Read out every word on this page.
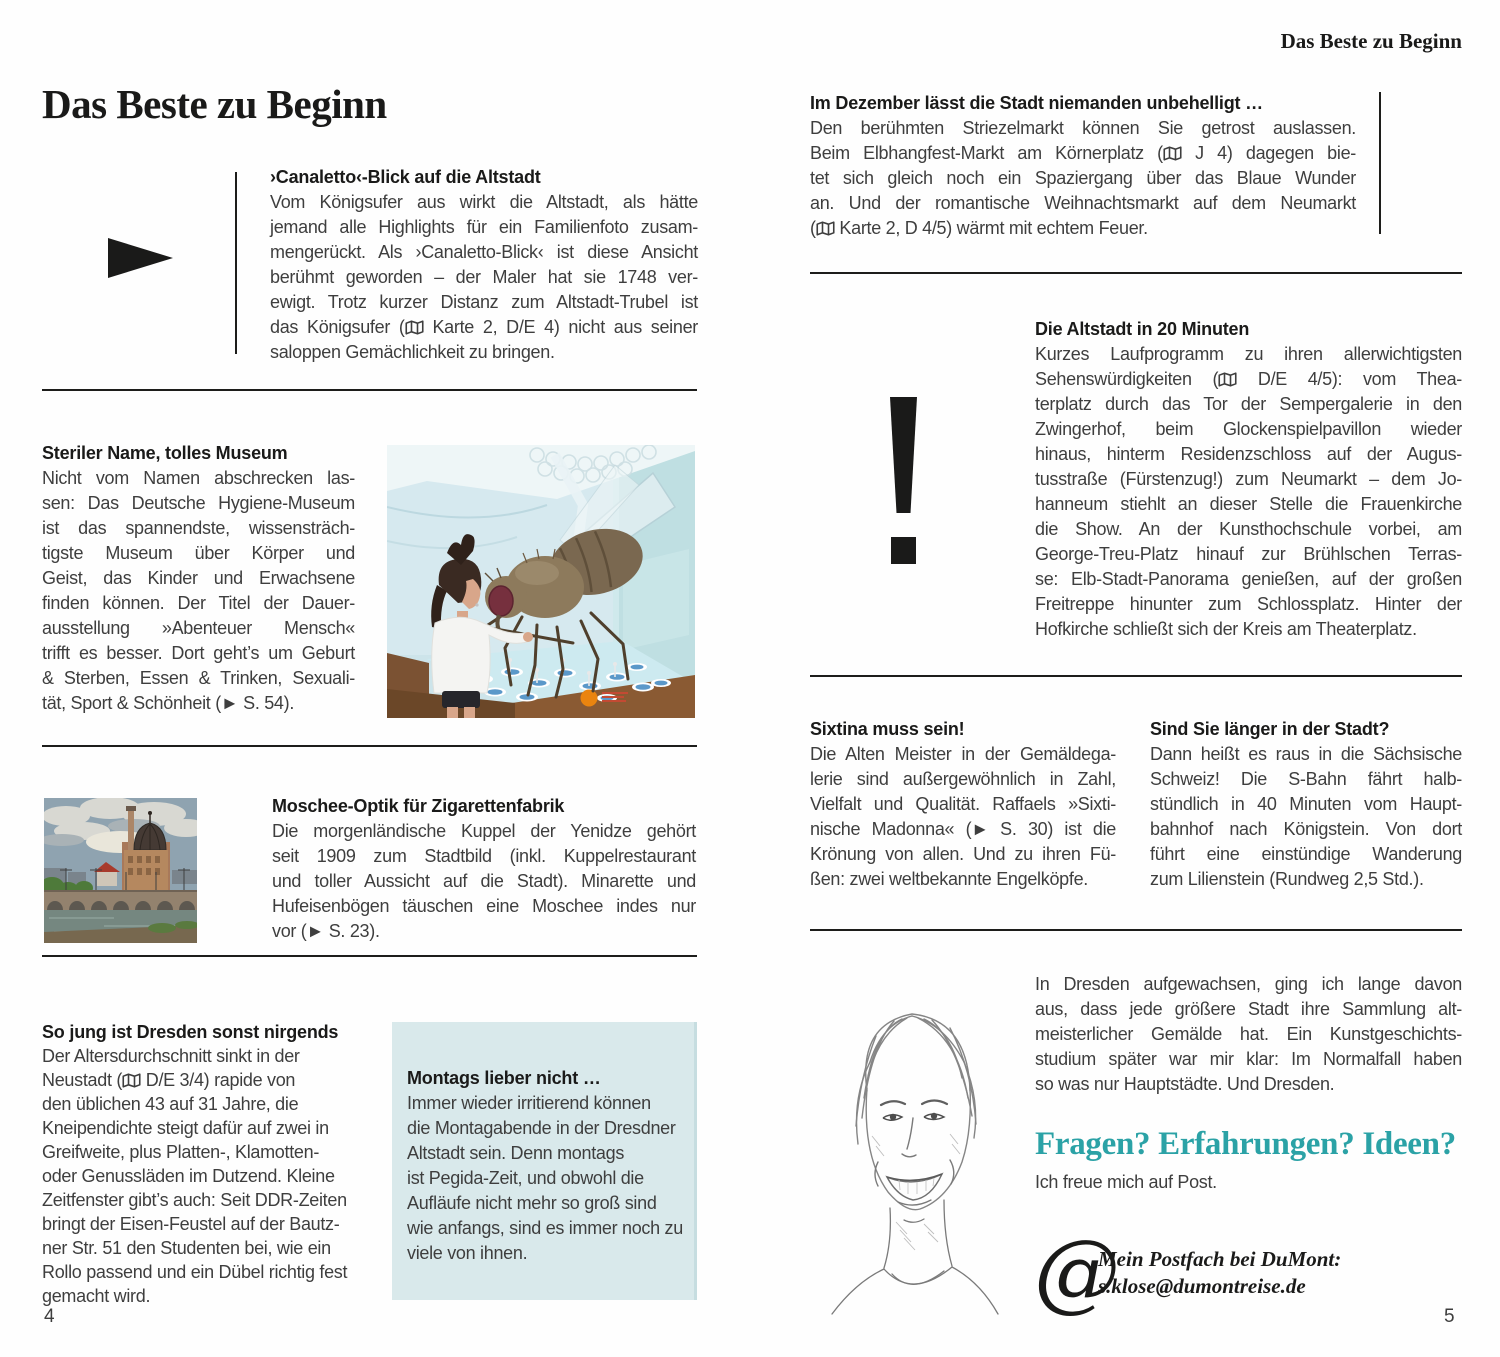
Das Beste zu Beginn
›Canaletto‹-Blick auf die Altstadt
Vom Königsufer aus wirkt die Altstadt, als hätte
jemand alle Highlights für ein Familienfoto zusam-
mengerückt. Als ›Canaletto-Blick‹ ist diese Ansicht
berühmt geworden – der Maler hat sie 1748 ver-
ewigt. Trotz kurzer Distanz zum Altstadt-Trubel ist
das Königsufer ( Karte 2, D/E 4) nicht aus seiner
saloppen Gemächlichkeit zu bringen.
Steriler Name, tolles Museum
Nicht vom Namen abschrecken las-
sen: Das Deutsche Hygiene-Museum
ist das spannendste, wissensträch-
tigste Museum über Körper und
Geist, das Kinder und Erwachsene
finden können. Der Titel der Dauer-
ausstellung »Abenteuer Mensch«
trifft es besser. Dort geht’s um Geburt
& Sterben, Essen & Trinken, Sexuali-
tät, Sport & Schönheit (► S. 54).
Moschee-Optik für Zigarettenfabrik
Die morgenländische Kuppel der Yenidze gehört
seit 1909 zum Stadtbild (inkl. Kuppelrestaurant
und toller Aussicht auf die Stadt). Minarette und
Hufeisenbögen täuschen eine Moschee indes nur
vor (► S. 23).
So jung ist Dresden sonst nirgends
Der Altersdurchschnitt sinkt in der
Neustadt ( D/E 3/4) rapide von
den üblichen 43 auf 31 Jahre, die
Kneipendichte steigt dafür auf zwei in
Greifweite, plus Platten-, Klamotten-
oder Genussläden im Dutzend. Kleine
Zeitfenster gibt’s auch: Seit DDR-Zeiten
bringt der Eisen-Feustel auf der Bautz-
ner Str. 51 den Studenten bei, wie ein
Rollo passend und ein Dübel richtig fest
gemacht wird.
Montags lieber nicht …
Immer wieder irritierend können
die Montagabende in der Dresdner
Altstadt sein. Denn montags
ist Pegida-Zeit, und obwohl die
Aufläufe nicht mehr so groß sind
wie anfangs, sind es immer noch zu
viele von ihnen.
4
Das Beste zu Beginn
Im Dezember lässt die Stadt niemanden unbehelligt …
Den berühmten Striezelmarkt können Sie getrost auslassen.
Beim Elbhangfest-Markt am Körnerplatz ( J 4) dagegen bie-
tet sich gleich noch ein Spaziergang über das Blaue Wunder
an. Und der romantische Weihnachtsmarkt auf dem Neumarkt
( Karte 2, D 4/5) wärmt mit echtem Feuer.
Die Altstadt in 20 Minuten
Kurzes Laufprogramm zu ihren allerwichtigsten
Sehenswürdigkeiten ( D/E 4/5): vom Thea-
terplatz durch das Tor der Sempergalerie in den
Zwingerhof, beim Glockenspielpavillon wieder
hinaus, hinterm Residenzschloss auf der Augus-
tusstraße (Fürstenzug!) zum Neumarkt – dem Jo-
hanneum stiehlt an dieser Stelle die Frauenkirche
die Show. An der Kunsthochschule vorbei, am
George-Treu-Platz hinauf zur Brühlschen Terras-
se: Elb-Stadt-Panorama genießen, auf der großen
Freitreppe hinunter zum Schlossplatz. Hinter der
Hofkirche schließt sich der Kreis am Theaterplatz.
Sixtina muss sein!
Die Alten Meister in der Gemäldega-
lerie sind außergewöhnlich in Zahl,
Vielfalt und Qualität. Raffaels »Sixti-
nische Madonna« (► S. 30) ist die
Krönung von allen. Und zu ihren Fü-
ßen: zwei weltbekannte Engelköpfe.
Sind Sie länger in der Stadt?
Dann heißt es raus in die Sächsische
Schweiz! Die S-Bahn fährt halb-
stündlich in 40 Minuten vom Haupt-
bahnhof nach Königstein. Von dort
führt eine einstündige Wanderung
zum Lilienstein (Rundweg 2,5 Std.).
In Dresden aufgewachsen, ging ich lange davon
aus, dass jede größere Stadt ihre Sammlung alt-
meisterlicher Gemälde hat. Ein Kunstgeschichts-
studium später war mir klar: Im Normalfall haben
so was nur Hauptstädte. Und Dresden.
Fragen? Erfahrungen? Ideen?
Ich freue mich auf Post.
@
Mein Postfach bei DuMont:
s.klose@dumontreise.de
5
